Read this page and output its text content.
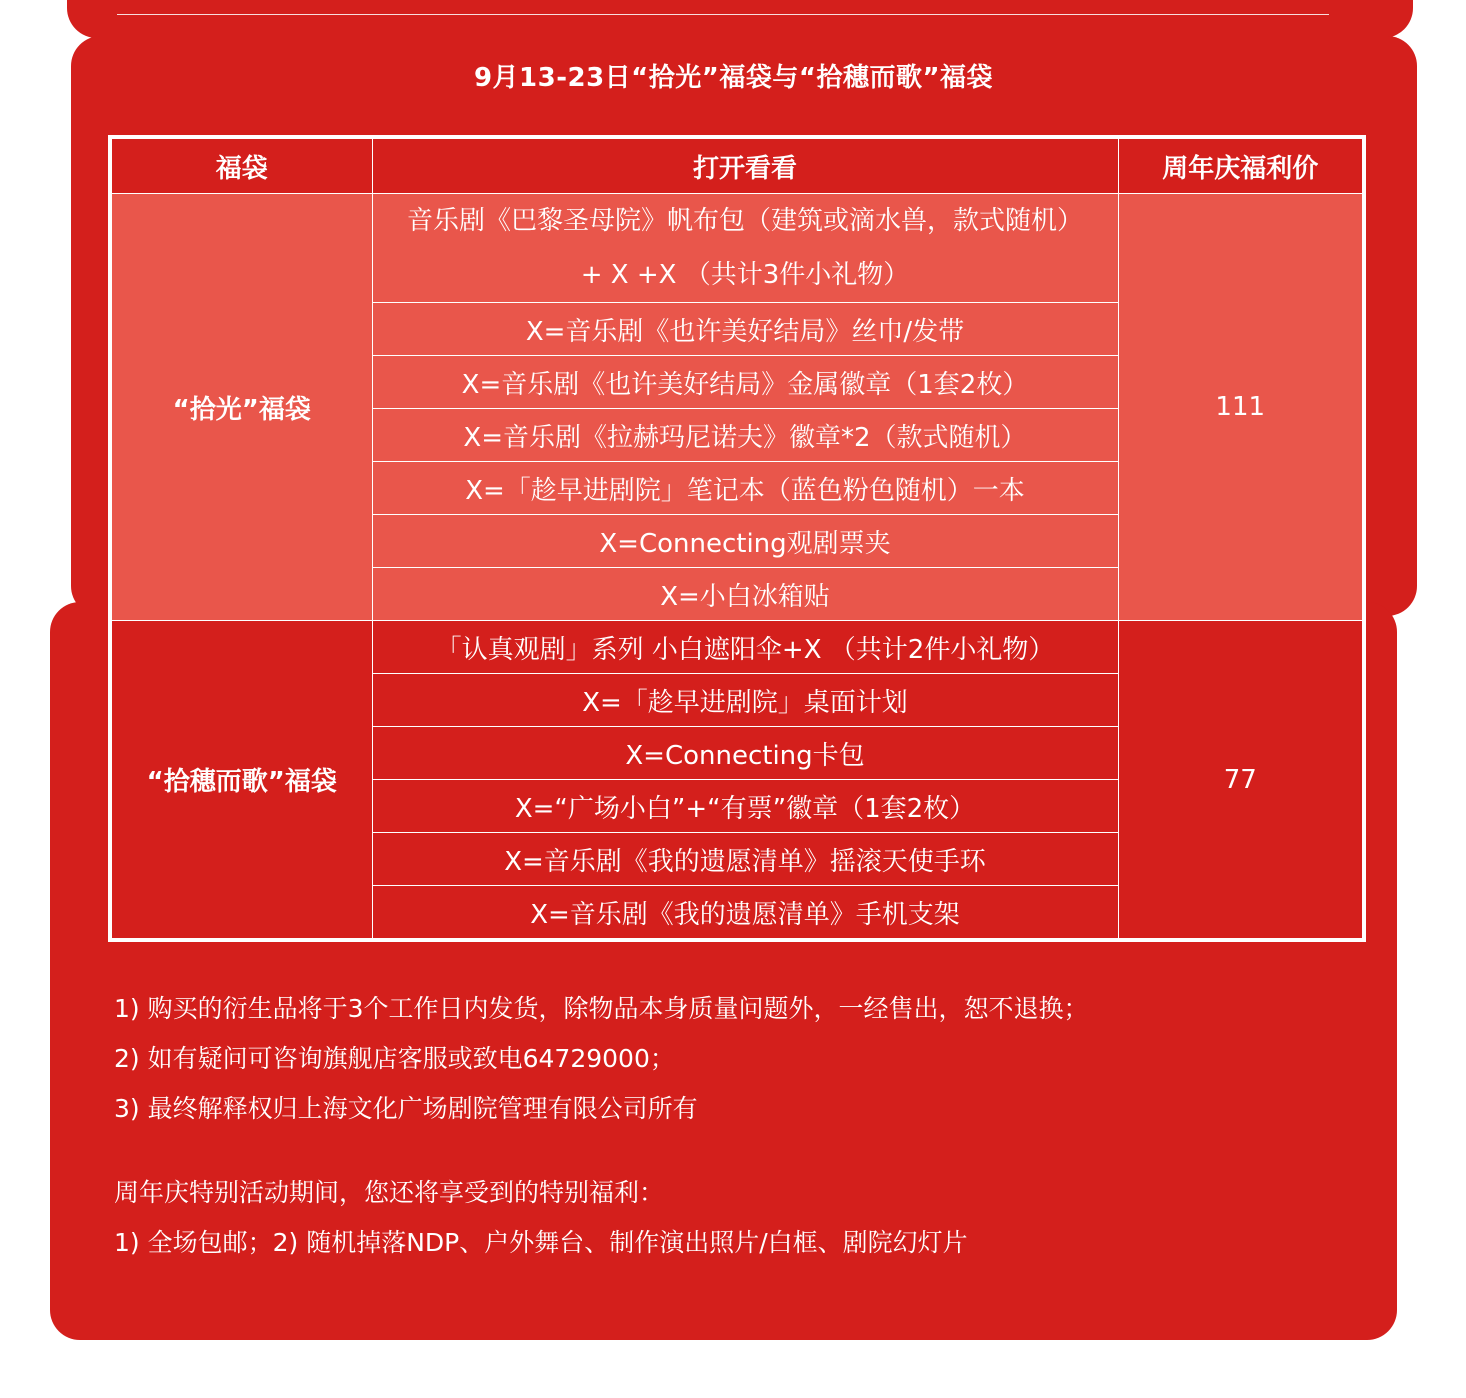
9月13-23日“拾光”福袋与“拾穗而歌”福袋
福袋	打开看看	周年庆福利价
“拾光”福袋	音乐剧《巴黎圣母院》帆布包（建筑或滴水兽，款式随机）
+ X +X （共计3件小礼物）	111
	X=音乐剧《也许美好结局》丝巾/发带	
	X=音乐剧《也许美好结局》金属徽章（1套2枚）	
	X=音乐剧《拉赫玛尼诺夫》徽章*2（款式随机）	
	X=「趁早进剧院」笔记本（蓝色粉色随机）一本	
	X=Connecting观剧票夹	
	X=小白冰箱贴	
“拾穗而歌”福袋	「认真观剧」系列 小白遮阳伞+X （共计2件小礼物）	77
	X=「趁早进剧院」桌面计划	
	X=Connecting卡包	
	X=“广场小白”+“有票”徽章（1套2枚）	
	X=音乐剧《我的遗愿清单》摇滚天使手环	
	X=音乐剧《我的遗愿清单》手机支架	
1) 购买的衍生品将于3个工作日内发货，除物品本身质量问题外，一经售出，恕不退换；
2) 如有疑问可咨询旗舰店客服或致电64729000；
3) 最终解释权归上海文化广场剧院管理有限公司所有
周年庆特别活动期间，您还将享受到的特别福利：
1) 全场包邮；2) 随机掉落NDP、户外舞台、制作演出照片/白框、剧院幻灯片
